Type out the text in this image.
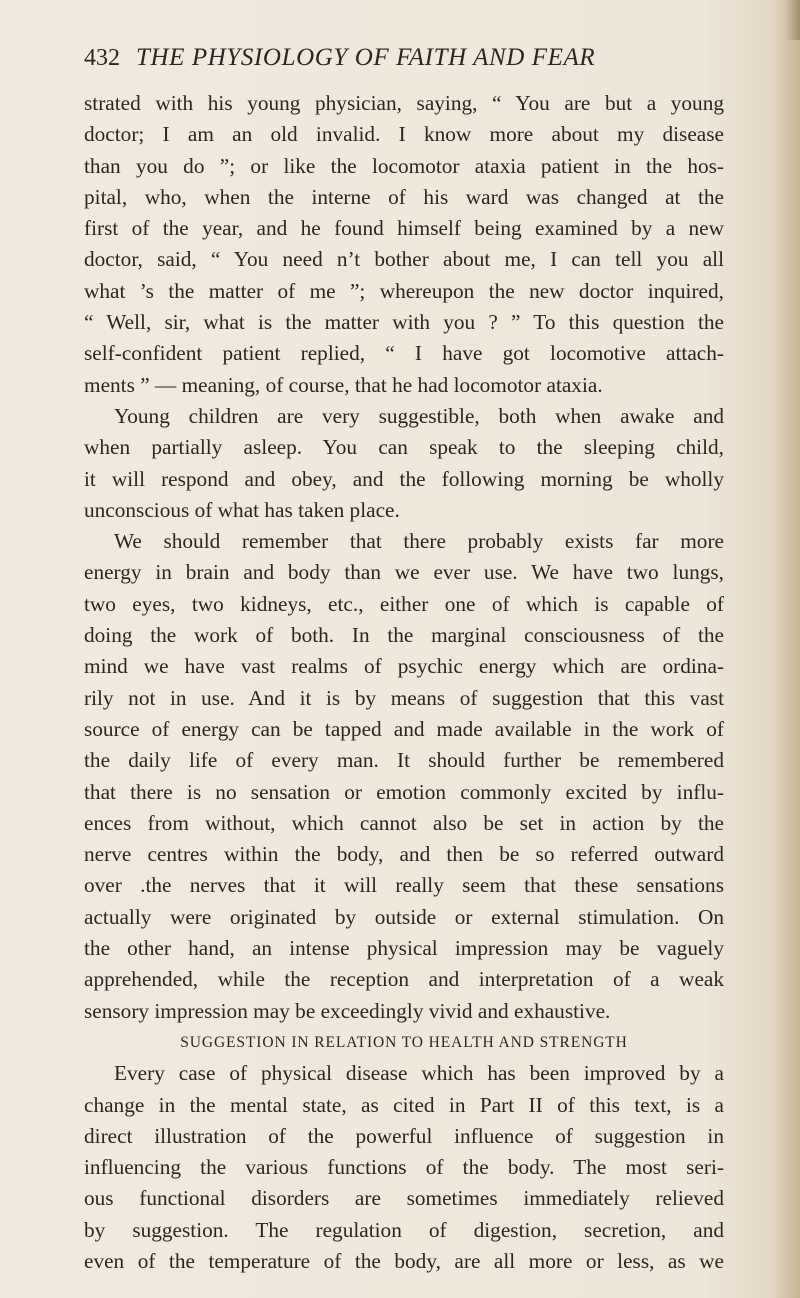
432 THE PHYSIOLOGY OF FAITH AND FEAR
strated with his young physician, saying, “ You are but a young
doctor; I am an old invalid. I know more about my disease
than you do ”; or like the locomotor ataxia patient in the hos-
pital, who, when the interne of his ward was changed at the
first of the year, and he found himself being examined by a new
doctor, said, “ You need n’t bother about me, I can tell you all
what ’s the matter of me ”; whereupon the new doctor inquired,
“ Well, sir, what is the matter with you ? ” To this question the
self-confident patient replied, “ I have got locomotive attach-
ments ” — meaning, of course, that he had locomotor ataxia.
Young children are very suggestible, both when awake and
when partially asleep. You can speak to the sleeping child,
it will respond and obey, and the following morning be wholly
unconscious of what has taken place.
We should remember that there probably exists far more
energy in brain and body than we ever use. We have two lungs,
two eyes, two kidneys, etc., either one of which is capable of
doing the work of both. In the marginal consciousness of the
mind we have vast realms of psychic energy which are ordina-
rily not in use. And it is by means of suggestion that this vast
source of energy can be tapped and made available in the work of
the daily life of every man. It should further be remembered
that there is no sensation or emotion commonly excited by influ-
ences from without, which cannot also be set in action by the
nerve centres within the body, and then be so referred outward
over .the nerves that it will really seem that these sensations
actually were originated by outside or external stimulation. On
the other hand, an intense physical impression may be vaguely
apprehended, while the reception and interpretation of a weak
sensory impression may be exceedingly vivid and exhaustive.
SUGGESTION IN RELATION TO HEALTH AND STRENGTH
Every case of physical disease which has been improved by a
change in the mental state, as cited in Part II of this text, is a
direct illustration of the powerful influence of suggestion in
influencing the various functions of the body. The most seri-
ous functional disorders are sometimes immediately relieved
by suggestion. The regulation of digestion, secretion, and
even of the temperature of the body, are all more or less, as we
